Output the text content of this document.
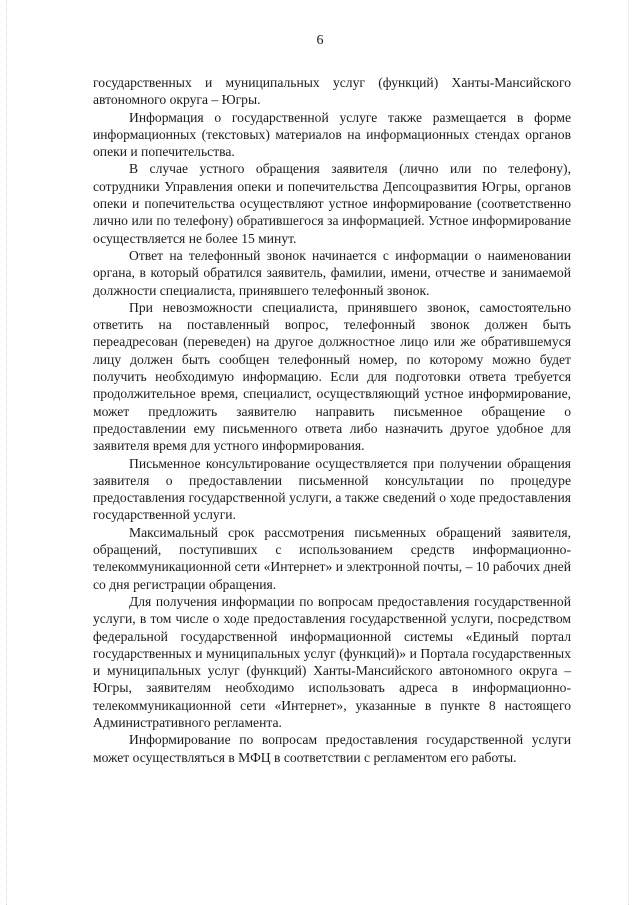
6

государственных и муниципальных услуг (функций) Ханты-Мансийского автономного округа – Югры.

Информация о государственной услуге также размещается в форме информационных (текстовых) материалов на информационных стендах органов опеки и попечительства.

В случае устного обращения заявителя (лично или по телефону), сотрудники Управления опеки и попечительства Депсоцразвития Югры, органов опеки и попечительства осуществляют устное информирование (соответственно лично или по телефону) обратившегося за информацией. Устное информирование осуществляется не более 15 минут.

Ответ на телефонный звонок начинается с информации о наименовании органа, в который обратился заявитель, фамилии, имени, отчестве и занимаемой должности специалиста, принявшего телефонный звонок.

При невозможности специалиста, принявшего звонок, самостоятельно ответить на поставленный вопрос, телефонный звонок должен быть переадресован (переведен) на другое должностное лицо или же обратившемуся лицу должен быть сообщен телефонный номер, по которому можно будет получить необходимую информацию. Если для подготовки ответа требуется продолжительное время, специалист, осуществляющий устное информирование, может предложить заявителю направить письменное обращение о предоставлении ему письменного ответа либо назначить другое удобное для заявителя время для устного информирования.

Письменное консультирование осуществляется при получении обращения заявителя о предоставлении письменной консультации по процедуре предоставления государственной услуги, а также сведений о ходе предоставления государственной услуги.

Максимальный срок рассмотрения письменных обращений заявителя, обращений, поступивших с использованием средств информационно-телекоммуникационной сети «Интернет» и электронной почты, – 10 рабочих дней со дня регистрации обращения.

Для получения информации по вопросам предоставления государственной услуги, в том числе о ходе предоставления государственной услуги, посредством федеральной государственной информационной системы «Единый портал государственных и муниципальных услуг (функций)» и Портала государственных и муниципальных услуг (функций) Ханты-Мансийского автономного округа – Югры, заявителям необходимо использовать адреса в информационно-телекоммуникационной сети «Интернет», указанные в пункте 8 настоящего Административного регламента.

Информирование по вопросам предоставления государственной услуги может осуществляться в МФЦ в соответствии с регламентом его работы.
